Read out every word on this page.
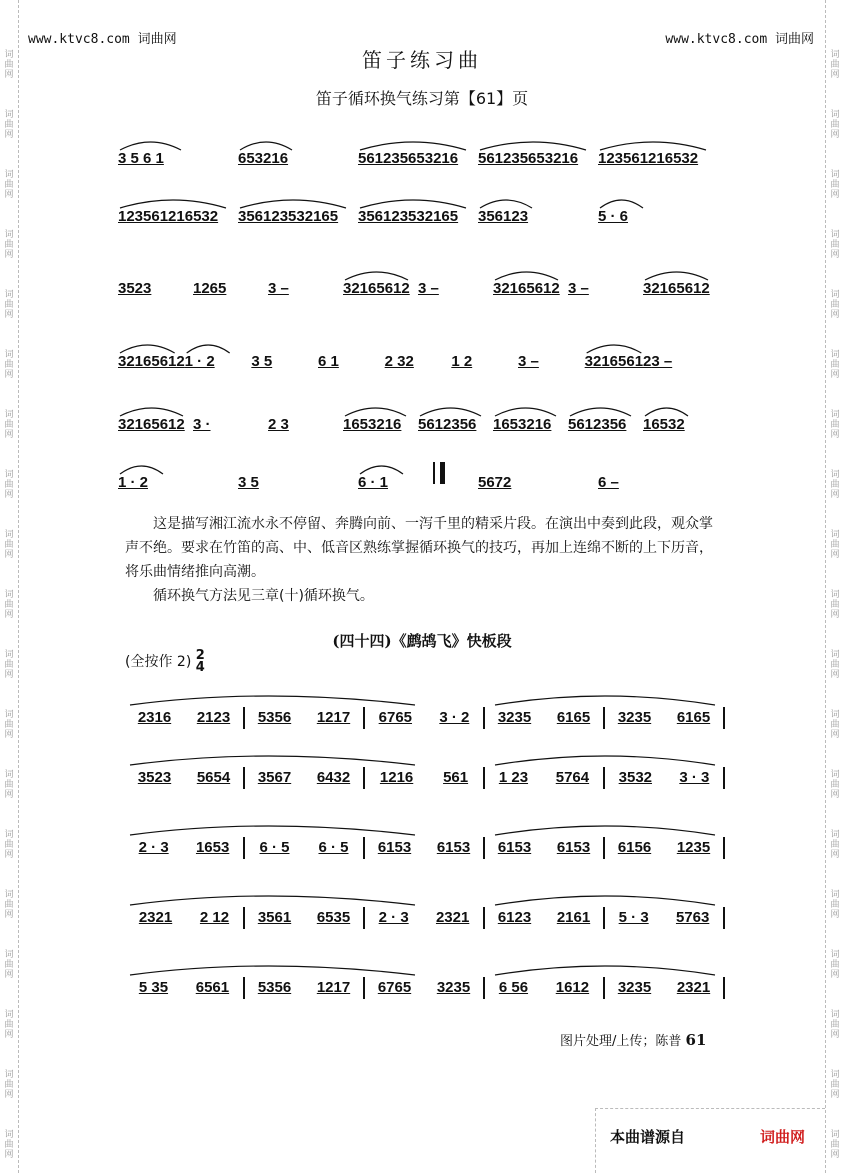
词
曲
网
词
曲
网
词
曲
网
词
曲
网
词
曲
网
词
曲
网
词
曲
网
词
曲
网
词
曲
网
词
曲
网
词
曲
网
词
曲
网
词
曲
网
词
曲
网
词
曲
网
词
曲
网
词
曲
网
词
曲
网
词
曲
网
词
曲
网
词
曲
网
词
曲
网
词
曲
网
词
曲
网
词
曲
网
词
曲
网
词
曲
网
词
曲
网
词
曲
网
词
曲
网
词
曲
网
词
曲
网
词
曲
网
词
曲
网
词
曲
网
词
曲
网
词
曲
网
词
曲
网
www.ktvc8.com 词曲网	www.ktvc8.com 词曲网
笛子练习曲
笛子循环换气练习第【61】页
3 5 6 1	653216	561235653216 561235653216 123561216532
123561216532 356123532165 356123532165 356123	5 · 6
3523	1265	3 –	32165612 3 –	32165612 3 –	32165612
32165612 1 · 2 3 5	6 1	2 32 1 2	3 –	32165612 3 –
32165612 3 ·	2 3	1653216 5612356 1653216 5612356 16532
1 · 2	3 5	6 · 1	5672	6 –

这是描写湘江流水永不停留、奔腾向前、一泻千里的精采片段。在演出中奏到此段，观众掌声不绝。要求在竹笛的高、中、低音区熟练掌握循环换气的技巧，再加上连绵不断的上下历音，将乐曲情绪推向高潮。

循环换气方法见三章(十)循环换气。

(四十四)《鹧鸪飞》快板段
(全按作 2) 2
4
2316 2123 5356 1217 6765 3 · 2 3235 6165 3235 6165
3523 5654 3567 6432 1216 561 1 23 5764 3532 3 · 3
2 · 3 1653 6 · 5 6 · 5 6153 6153 6153 6153 6156 1235
2321 2 12 3561 6535 2 · 3 2321 6123 2161 5 · 3 5763
5 35 6561 5356 1217 6765 3235 6 56 1612 3235 2321
图片处理/上传；陈普 61
本曲谱源自	词曲网
